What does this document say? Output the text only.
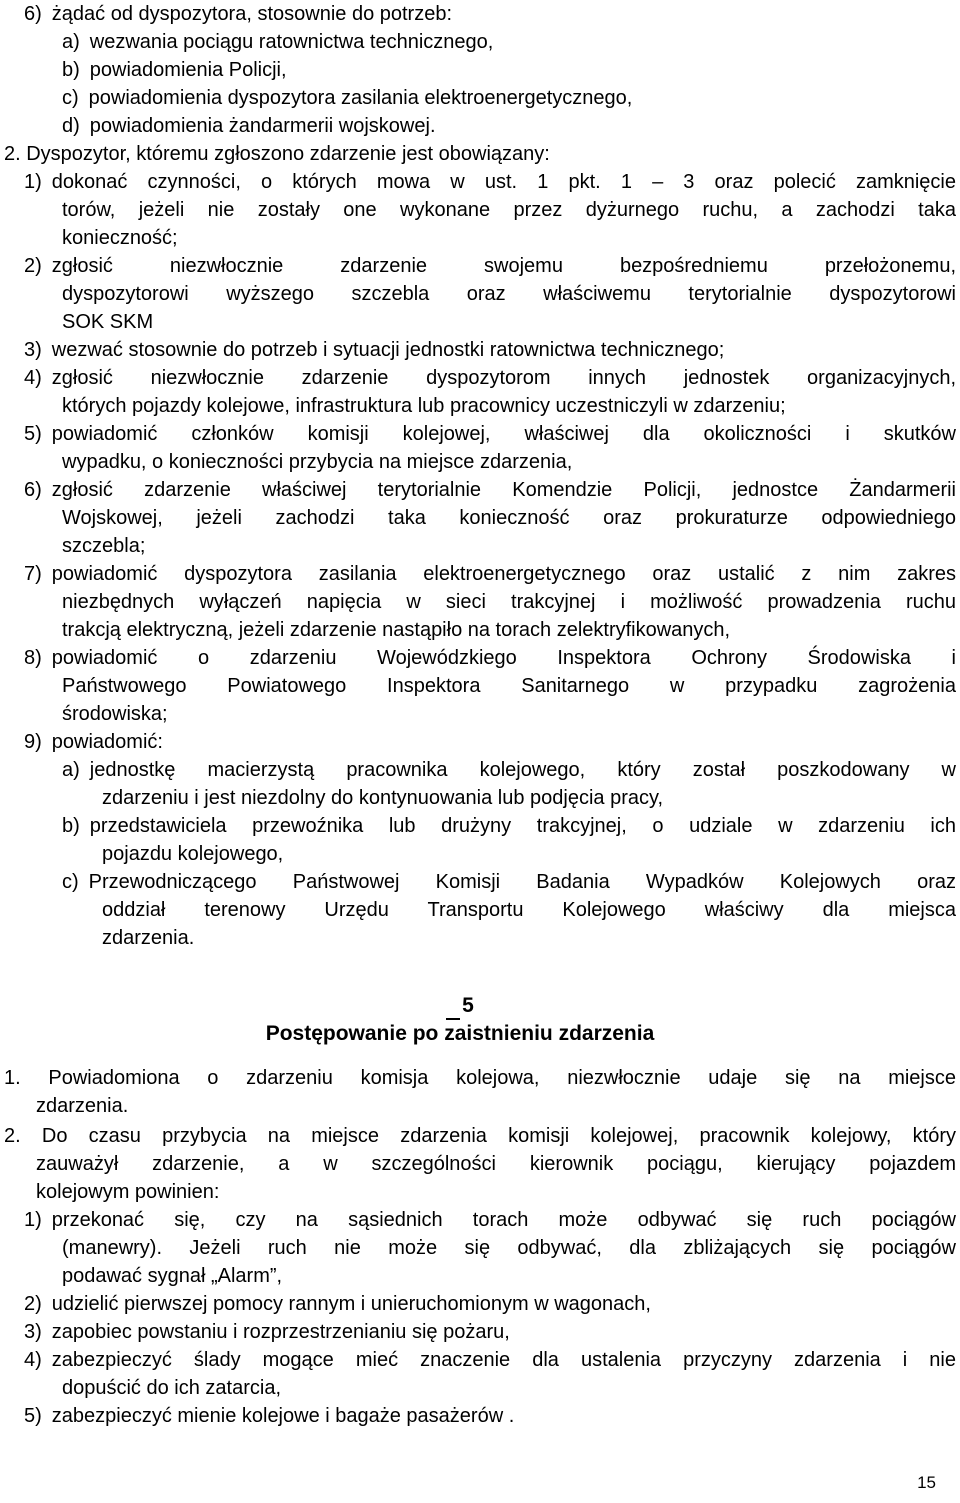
6) żądać od dyspozytora, stosownie do potrzeb:
a) wezwania pociągu ratownictwa technicznego,
b) powiadomienia Policji,
c) powiadomienia dyspozytora zasilania elektroenergetycznego,
d) powiadomienia żandarmerii wojskowej.
2. Dyspozytor, któremu zgłoszono zdarzenie jest obowiązany:
1) dokonać czynności, o których mowa w ust. 1 pkt. 1 – 3 oraz polecić zamknięcie
torów, jeżeli nie zostały one wykonane przez dyżurnego ruchu, a zachodzi taka
konieczność;
2) zgłosić niezwłocznie zdarzenie swojemu bezpośredniemu przełożonemu,
dyspozytorowi wyższego szczebla oraz właściwemu terytorialnie dyspozytorowi
SOK SKM
3) wezwać stosownie do potrzeb i sytuacji jednostki ratownictwa technicznego;
4) zgłosić niezwłocznie zdarzenie dyspozytorom innych jednostek organizacyjnych,
których pojazdy kolejowe, infrastruktura lub pracownicy uczestniczyli w zdarzeniu;
5) powiadomić członków komisji kolejowej, właściwej dla okoliczności i skutków
wypadku, o konieczności przybycia na miejsce zdarzenia,
6) zgłosić zdarzenie właściwej terytorialnie Komendzie Policji, jednostce Żandarmerii
Wojskowej, jeżeli zachodzi taka konieczność oraz prokuraturze odpowiedniego
szczebla;
7) powiadomić dyspozytora zasilania elektroenergetycznego oraz ustalić z nim zakres
niezbędnych wyłączeń napięcia w sieci trakcyjnej i możliwość prowadzenia ruchu
trakcją elektryczną, jeżeli zdarzenie nastąpiło na torach zelektryfikowanych,
8) powiadomić o zdarzeniu Wojewódzkiego Inspektora Ochrony Środowiska i
Państwowego Powiatowego Inspektora Sanitarnego w przypadku zagrożenia
środowiska;
9) powiadomić:
a) jednostkę macierzystą pracownika kolejowego, który został poszkodowany w
zdarzeniu i jest niezdolny do kontynuowania lub podjęcia pracy,
b) przedstawiciela przewoźnika lub drużyny trakcyjnej, o udziale w zdarzeniu ich
pojazdu kolejowego,
c) Przewodniczącego Państwowej Komisji Badania Wypadków Kolejowych oraz
oddział terenowy Urzędu Transportu Kolejowego właściwy dla miejsca
zdarzenia.
5
Postępowanie po zaistnieniu zdarzenia
1. Powiadomiona o zdarzeniu komisja kolejowa, niezwłocznie udaje się na miejsce
zdarzenia.
2. Do czasu przybycia na miejsce zdarzenia komisji kolejowej, pracownik kolejowy, który
zauważył zdarzenie, a w szczególności kierownik pociągu, kierujący pojazdem
kolejowym powinien:
1) przekonać się, czy na sąsiednich torach może odbywać się ruch pociągów
(manewry). Jeżeli ruch nie może się odbywać, dla zbliżających się pociągów
podawać sygnał „Alarm”,
2) udzielić pierwszej pomocy rannym i unieruchomionym w wagonach,
3) zapobiec powstaniu i rozprzestrzenianiu się pożaru,
4) zabezpieczyć ślady mogące mieć znaczenie dla ustalenia przyczyny zdarzenia i nie
dopuścić do ich zatarcia,
5) zabezpieczyć mienie kolejowe i bagaże pasażerów .
15
